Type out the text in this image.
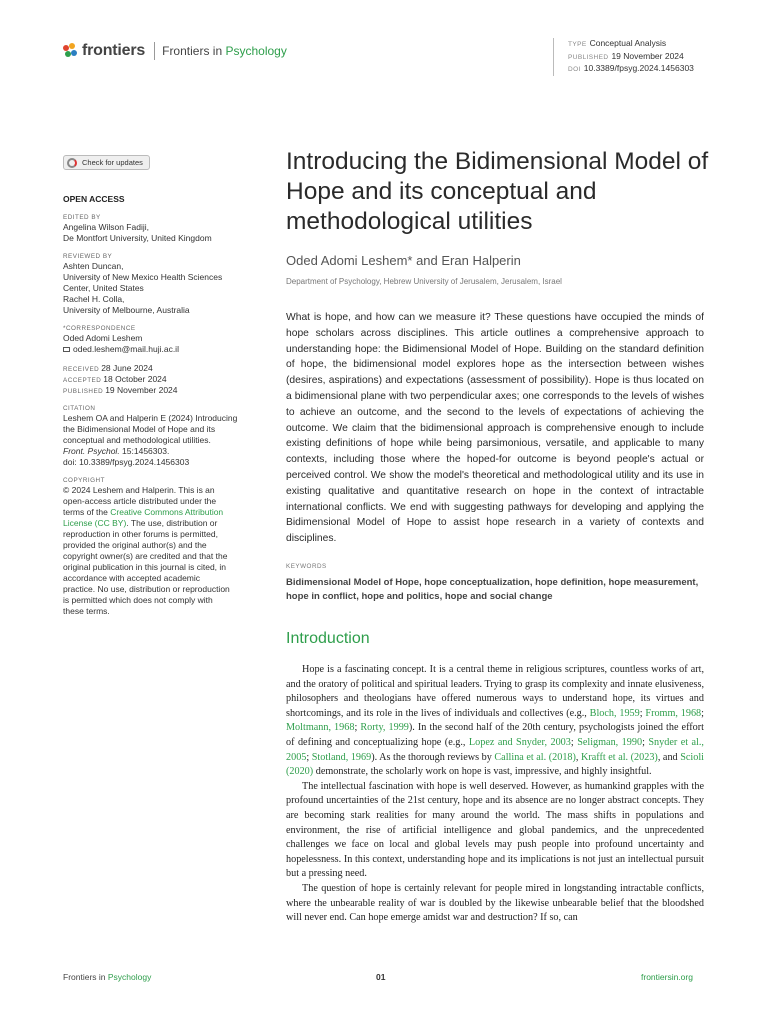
frontiers Frontiers in Psychology	TYPE Conceptual Analysis
PUBLISHED 19 November 2024
DOI 10.3389/fpsyg.2024.1456303
Check for updates
OPEN ACCESS
EDITED BY
Angelina Wilson Fadiji,
De Montfort University, United Kingdom
REVIEWED BY
Ashten Duncan,
University of New Mexico Health Sciences
Center, United States
Rachel H. Colla,
University of Melbourne, Australia
*CORRESPONDENCE
Oded Adomi Leshem
oded.leshem@mail.huji.ac.il
RECEIVED 28 June 2024
ACCEPTED 18 October 2024
PUBLISHED 19 November 2024
CITATION
Leshem OA and Halperin E (2024) Introducing
the Bidimensional Model of Hope and its
conceptual and methodological utilities.
Front. Psychol. 15:1456303.
doi: 10.3389/fpsyg.2024.1456303
COPYRIGHT
© 2024 Leshem and Halperin. This is an
open-access article distributed under the
terms of the Creative Commons Attribution
License (CC BY). The use, distribution or
reproduction in other forums is permitted,
provided the original author(s) and the
copyright owner(s) are credited and that the
original publication in this journal is cited, in
accordance with accepted academic
practice. No use, distribution or reproduction
is permitted which does not comply with
these terms.
Introducing the Bidimensional Model of Hope and its conceptual and methodological utilities
Oded Adomi Leshem* and Eran Halperin
Department of Psychology, Hebrew University of Jerusalem, Jerusalem, Israel
What is hope, and how can we measure it? These questions have occupied the minds of hope scholars across disciplines. This article outlines a comprehensive approach to understanding hope: the Bidimensional Model of Hope. Building on the standard definition of hope, the bidimensional model explores hope as the intersection between wishes (desires, aspirations) and expectations (assessment of possibility). Hope is thus located on a bidimensional plane with two perpendicular axes; one corresponds to the levels of wishes to achieve an outcome, and the second to the levels of expectations of achieving the outcome. We claim that the bidimensional approach is comprehensive enough to include existing definitions of hope while being parsimonious, versatile, and applicable to many contexts, including those where the hoped-for outcome is beyond people's actual or perceived control. We show the model's theoretical and methodological utility and its use in existing qualitative and quantitative research on hope in the context of intractable international conflicts. We end with suggesting pathways for developing and applying the Bidimensional Model of Hope to assist hope research in a variety of contexts and disciplines.
KEYWORDS
Bidimensional Model of Hope, hope conceptualization, hope definition, hope measurement, hope in conflict, hope and politics, hope and social change
Introduction

Hope is a fascinating concept. It is a central theme in religious scriptures, countless works of art, and the oratory of political and spiritual leaders. Trying to grasp its complexity and innate elusiveness, philosophers and theologians have offered numerous ways to understand hope, its virtues and shortcomings, and its role in the lives of individuals and collectives (e.g., Bloch, 1959; Fromm, 1968; Moltmann, 1968; Rorty, 1999). In the second half of the 20th century, psychologists joined the effort of defining and conceptualizing hope (e.g., Lopez and Snyder, 2003; Seligman, 1990; Snyder et al., 2005; Stotland, 1969). As the thorough reviews by Callina et al. (2018), Krafft et al. (2023), and Scioli (2020) demonstrate, the scholarly work on hope is vast, impressive, and highly insightful.

The intellectual fascination with hope is well deserved. However, as humankind grapples with the profound uncertainties of the 21st century, hope and its absence are no longer abstract concepts. They are becoming stark realities for many around the world. The mass shifts in populations and environment, the rise of artificial intelligence and global pandemics, and the unprecedented challenges we face on local and global levels may push people into profound uncertainty and hopelessness. In this context, understanding hope and its implications is not just an intellectual pursuit but a pressing need.

The question of hope is certainly relevant for people mired in longstanding intractable conflicts, where the unbearable reality of war is doubled by the likewise unbearable belief that the bloodshed will never end. Can hope emerge amidst war and destruction? If so, can

Frontiers in Psychology	01	frontiersin.org
